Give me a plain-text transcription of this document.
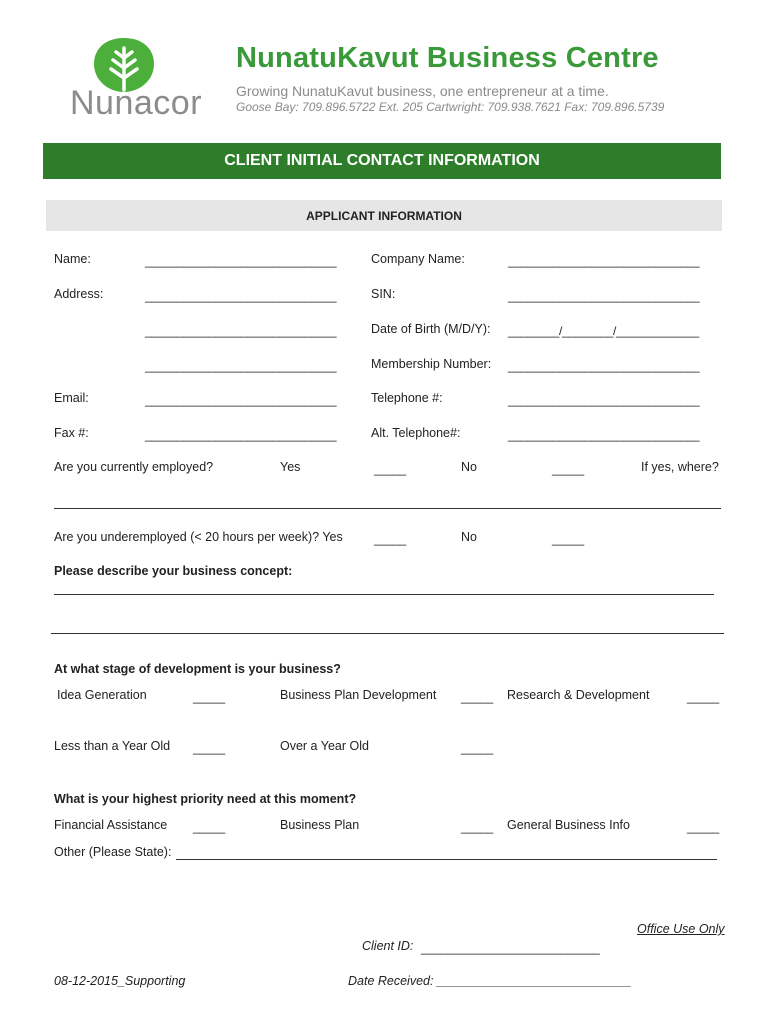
Nunacor
NunatuKavut Business Centre
Growing NunatuKavut business, one entrepreneur at a time.
Goose Bay: 709.896.5722 Ext. 205 Cartwright: 709.938.7621 Fax: 709.896.5739
CLIENT INITIAL CONTACT INFORMATION
APPLICANT INFORMATION
Name:	______________________________	Company Name:	______________________________
Address:	______________________________	SIN:	______________________________
______________________________	Date of Birth (M/D/Y): ________/________/_____________
______________________________	Membership Number: ______________________________
Email:	______________________________	Telephone #:	______________________________
Fax #:	______________________________	Alt. Telephone#:	______________________________
Are you currently employed?	Yes	_____	No	_____	If yes, where?
Are you underemployed (< 20 hours per week)? Yes	_____	No	_____
Please describe your business concept:
At what stage of development is your business?
Idea Generation	_____	Business Plan Development _____ Research & Development	_____
Less than a Year Old _____	Over a Year Old	_____
What is your highest priority need at this moment?
Financial Assistance _____	Business Plan	_____ General Business Info	_____
Other (Please State):
Office Use Only
Client ID: ____________________________
Date Received: ____________________________
08-12-2015_Supporting
